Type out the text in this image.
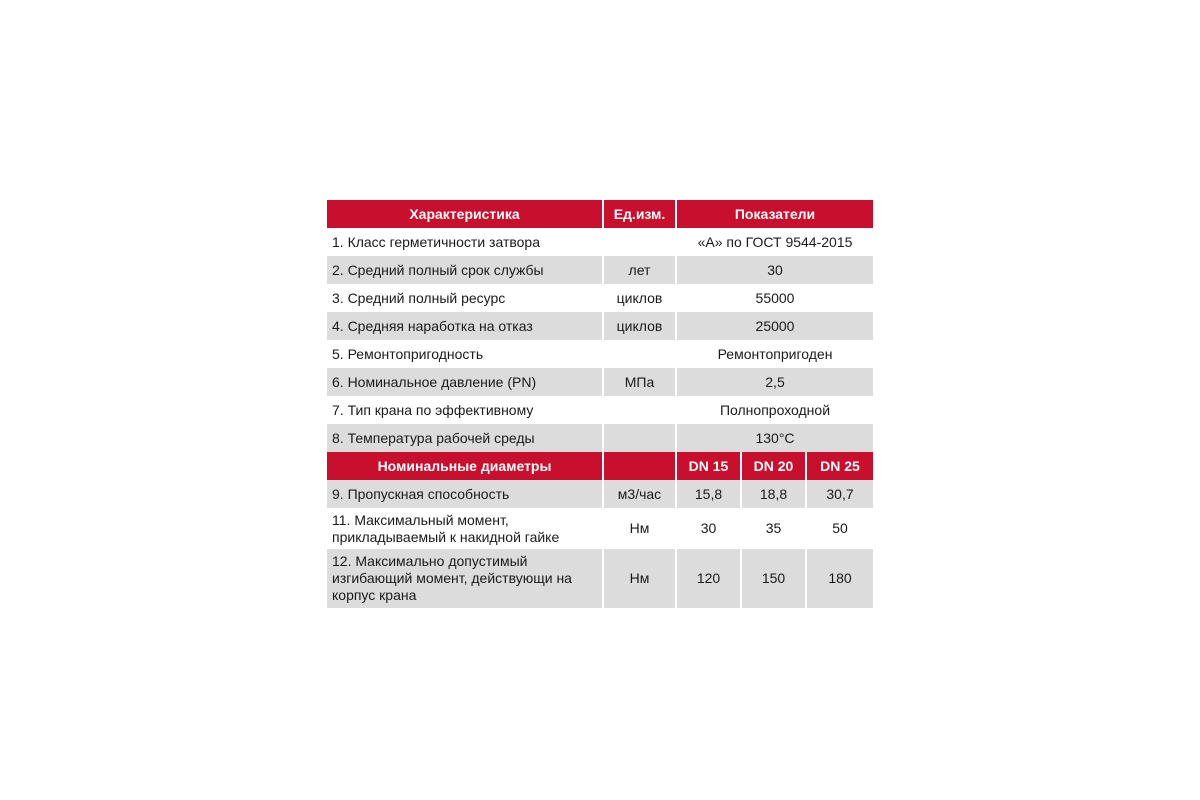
Характеристика	Ед.изм.	Показатели		
1. Класс герметичности затвора		«А» по ГОСТ 9544-2015		
2. Средний полный срок службы	лет	30		
3. Средний полный ресурс	циклов	55000		
4. Средняя наработка на отказ	циклов	25000		
5. Ремонтопригодность		Ремонтопригоден		
6. Номинальное давление (PN)	МПа	2,5		

7. Тип крана по эффективному		Полнопроходной		
8. Температура рабочей среды		130°С		
Номинальные диаметры		DN 15	DN 20	DN 25
9. Пропускная способность	м3/час	15,8	18,8	30,7

11. Максимальный момент,
прикладываемый к накидной гайке	Нм	30	35	50

12. Максимально допустимый
изгибающий момент, действующи на
корпус крана	Нм	120	150	180
